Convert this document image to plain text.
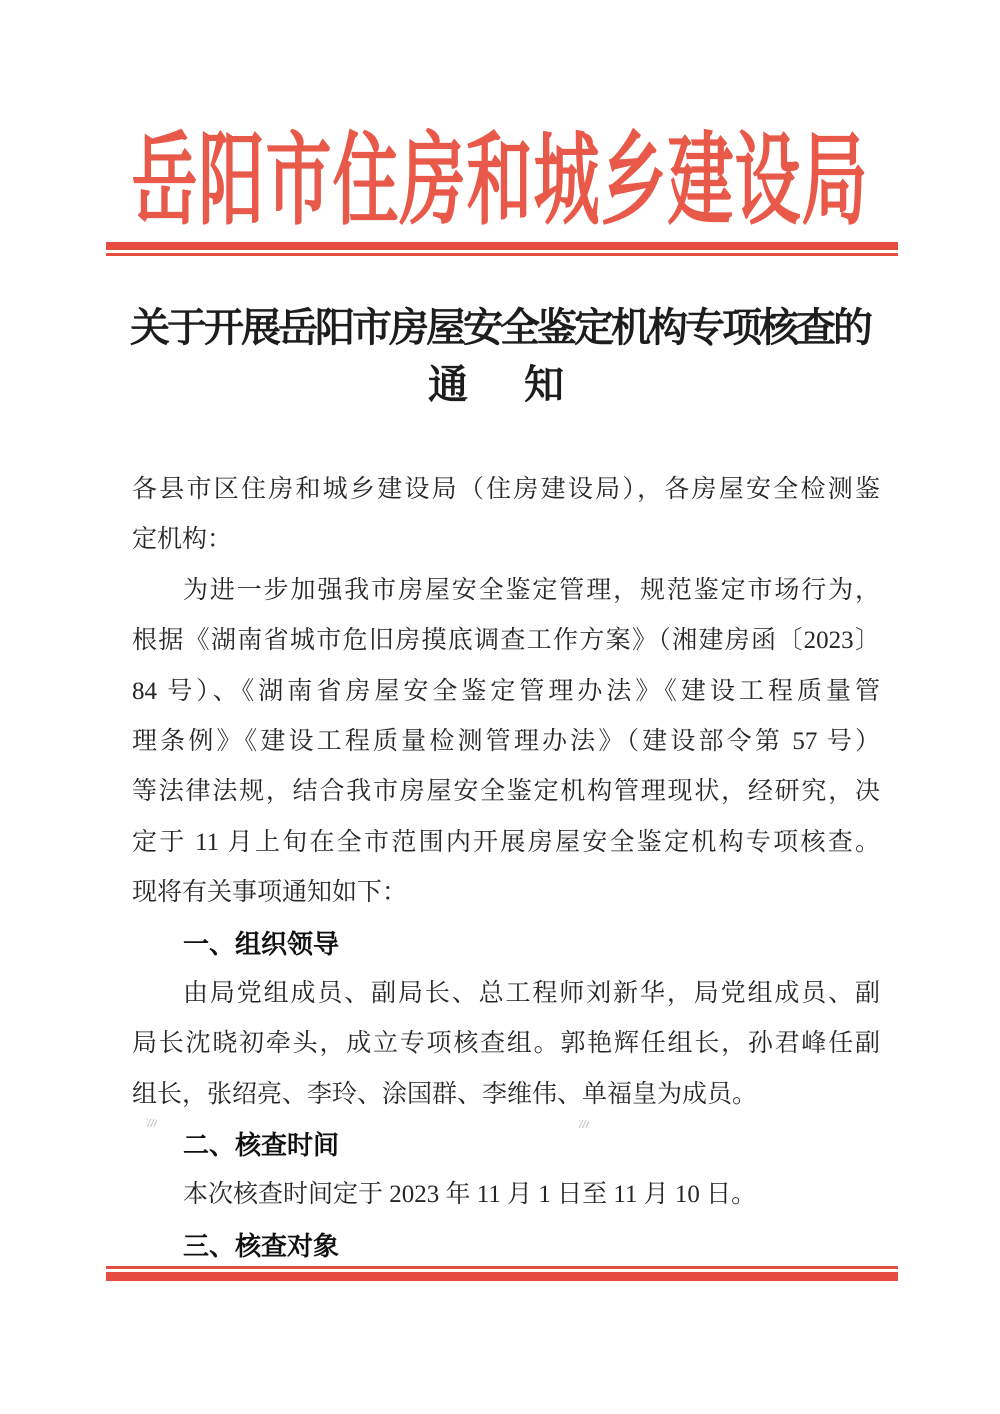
岳阳市住房和城乡建设局
关于开展岳阳市房屋安全鉴定机构专项核查的
通　知
各县市区住房和城乡建设局（住房建设局），各房屋安全检测鉴
定机构：
为进一步加强我市房屋安全鉴定管理，规范鉴定市场行为，
根据《湖南省城市危旧房摸底调查工作方案》（湘建房函〔2023〕
84 号）、《湖南省房屋安全鉴定管理办法》《建设工程质量管
理条例》《建设工程质量检测管理办法》（建设部令第 57 号）
等法律法规，结合我市房屋安全鉴定机构管理现状，经研究，决
定于 11 月上旬在全市范围内开展房屋安全鉴定机构专项核查。
现将有关事项通知如下：
一、组织领导
由局党组成员、副局长、总工程师刘新华，局党组成员、副
局长沈晓初牵头，成立专项核查组。郭艳辉任组长，孙君峰任副
组长，张绍亮、李玲、涂国群、李维伟、单福皇为成员。
二、核查时间
本次核查时间定于 2023 年 11 月 1 日至 11 月 10 日。
三、核查对象
